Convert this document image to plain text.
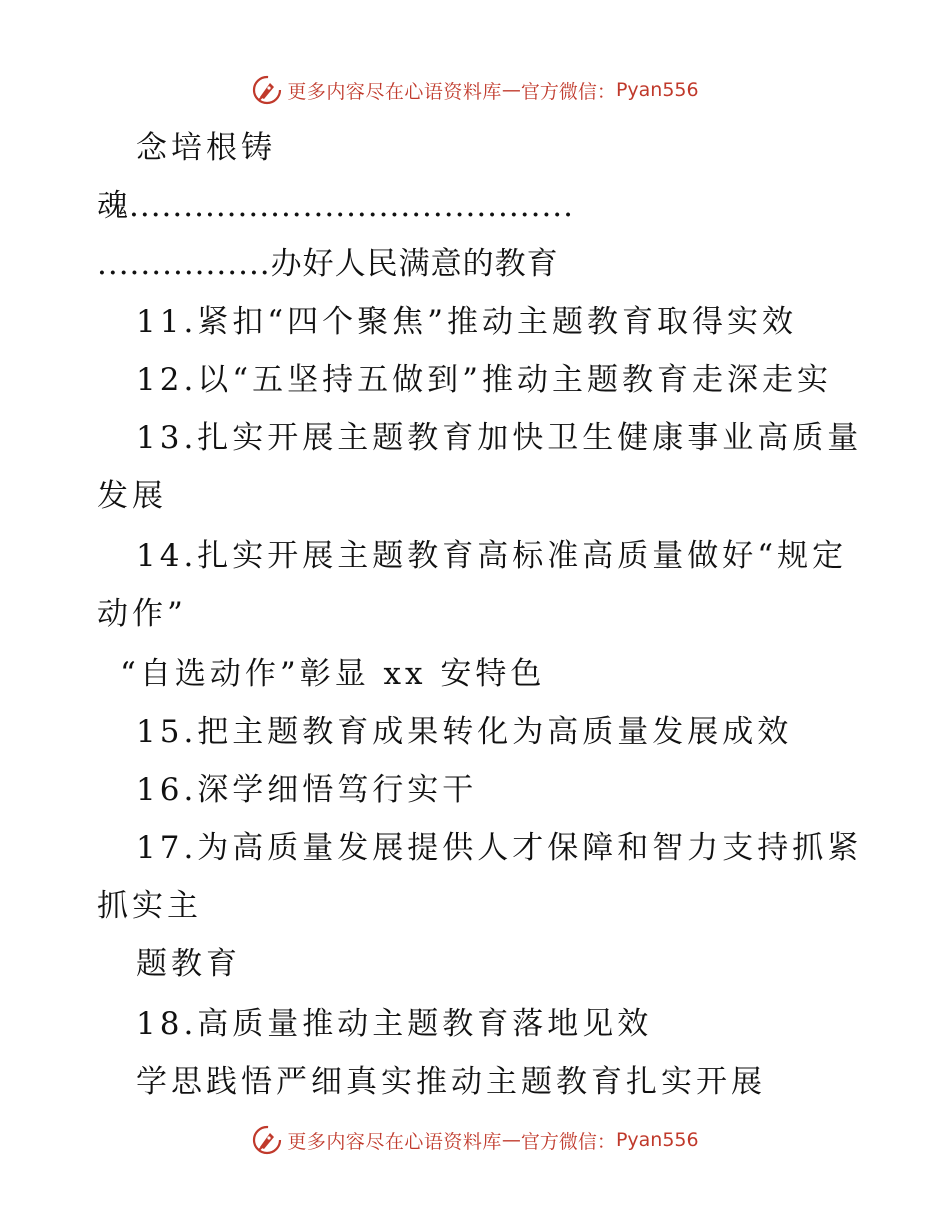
更多内容尽在心语资料库 — 官方微信： Pyan556
念培根铸
魂.........................................
................办好人民满意的教育
11.紧扣“四个聚焦”推动主题教育取得实效
12.以“五坚持五做到”推动主题教育走深走实
13.扎实开展主题教育加快卫生健康事业高质量
发展
14.扎实开展主题教育高标准高质量做好“规定
动作”
“自选动作”彰显 xx 安特色
15.把主题教育成果转化为高质量发展成效
16.深学细悟笃行实干
17.为高质量发展提供人才保障和智力支持抓紧
抓实主
题教育
18.高质量推动主题教育落地见效
学思践悟严细真实推动主题教育扎实开展
更多内容尽在心语资料库 — 官方微信： Pyan556
